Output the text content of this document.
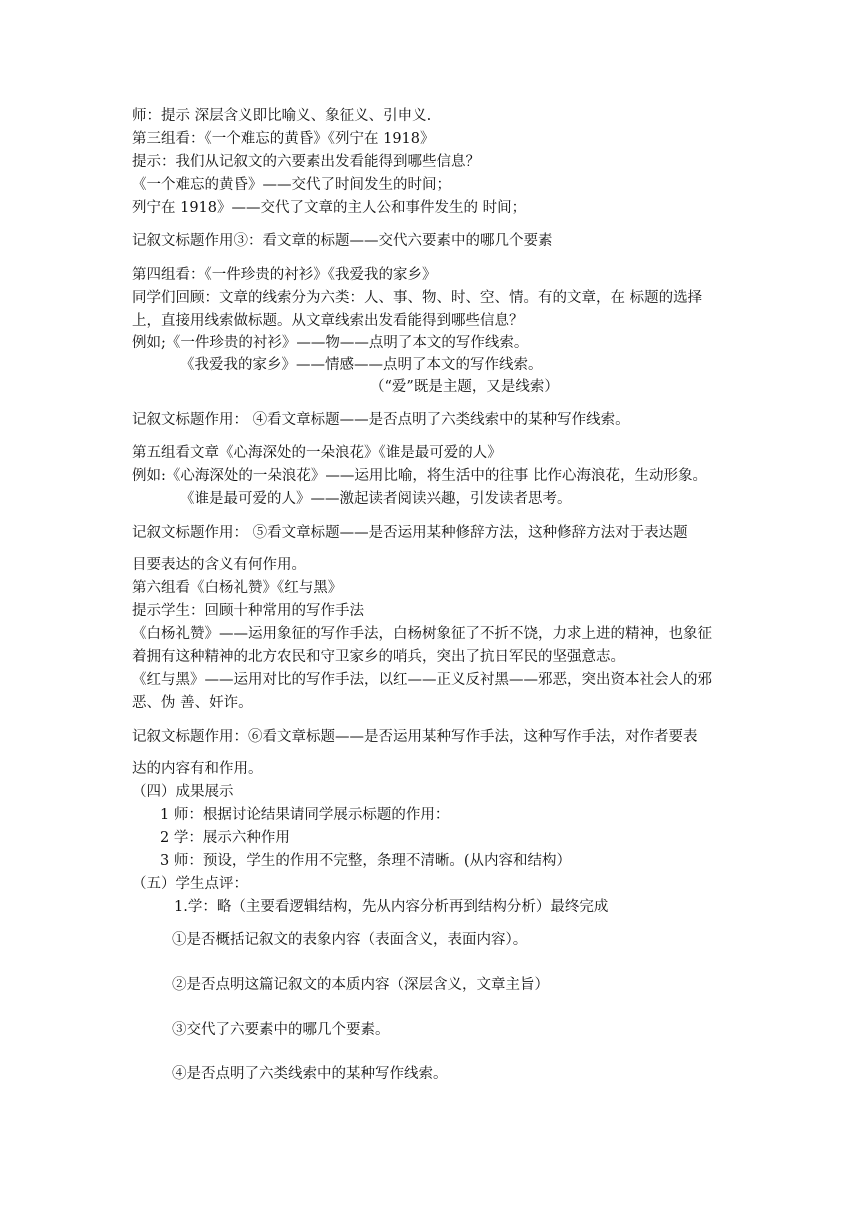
师：提示 深层含义即比喻义、象征义、引申义.
第三组看：《一个难忘的黄昏》《列宁在 1918》
提示：我们从记叙文的六要素出发看能得到哪些信息？
《一个难忘的黄昏》——交代了时间发生的时间；
列宁在 1918》——交代了文章的主人公和事件发生的 时间；
记叙文标题作用③：看文章的标题——交代六要素中的哪几个要素
第四组看：《一件珍贵的衬衫》《我爱我的家乡》
同学们回顾：文章的线索分为六类：人、事、物、时、空、情。有的文章，在 标题的选择
上，直接用线索做标题。从文章线索出发看能得到哪些信息？
例如;《一件珍贵的衬衫》——物——点明了本文的写作线索。
《我爱我的家乡》——情感——点明了本文的写作线索。
（“爱”既是主题，又是线索）
记叙文标题作用： ④看文章标题——是否点明了六类线索中的某种写作线索。
第五组看文章《心海深处的一朵浪花》《谁是最可爱的人》
例如:《心海深处的一朵浪花》——运用比喻，将生活中的往事 比作心海浪花，生动形象。
《谁是最可爱的人》——激起读者阅读兴趣，引发读者思考。
记叙文标题作用： ⑤看文章标题——是否运用某种修辞方法，这种修辞方法对于表达题
目要表达的含义有何作用。
第六组看《白杨礼赞》《红与黑》
提示学生：回顾十种常用的写作手法
《白杨礼赞》——运用象征的写作手法，白杨树象征了不折不饶，力求上进的精神，也象征
着拥有这种精神的北方农民和守卫家乡的哨兵，突出了抗日军民的坚强意志。
《红与黑》——运用对比的写作手法，以红——正义反衬黑——邪恶，突出资本社会人的邪
恶、伪 善、奸诈。
记叙文标题作用：⑥看文章标题——是否运用某种写作手法，这种写作手法，对作者要表
达的内容有和作用。
（四）成果展示
1 师：根据讨论结果请同学展示标题的作用：
2 学：展示六种作用
3 师：预设，学生的作用不完整，条理不清晰。(从内容和结构）
（五）学生点评：
1.学：略（主要看逻辑结构，先从内容分析再到结构分析）最终完成
①是否概括记叙文的表象内容（表面含义，表面内容）。
②是否点明这篇记叙文的本质内容（深层含义，文章主旨）
③交代了六要素中的哪几个要素。
④是否点明了六类线索中的某种写作线索。
